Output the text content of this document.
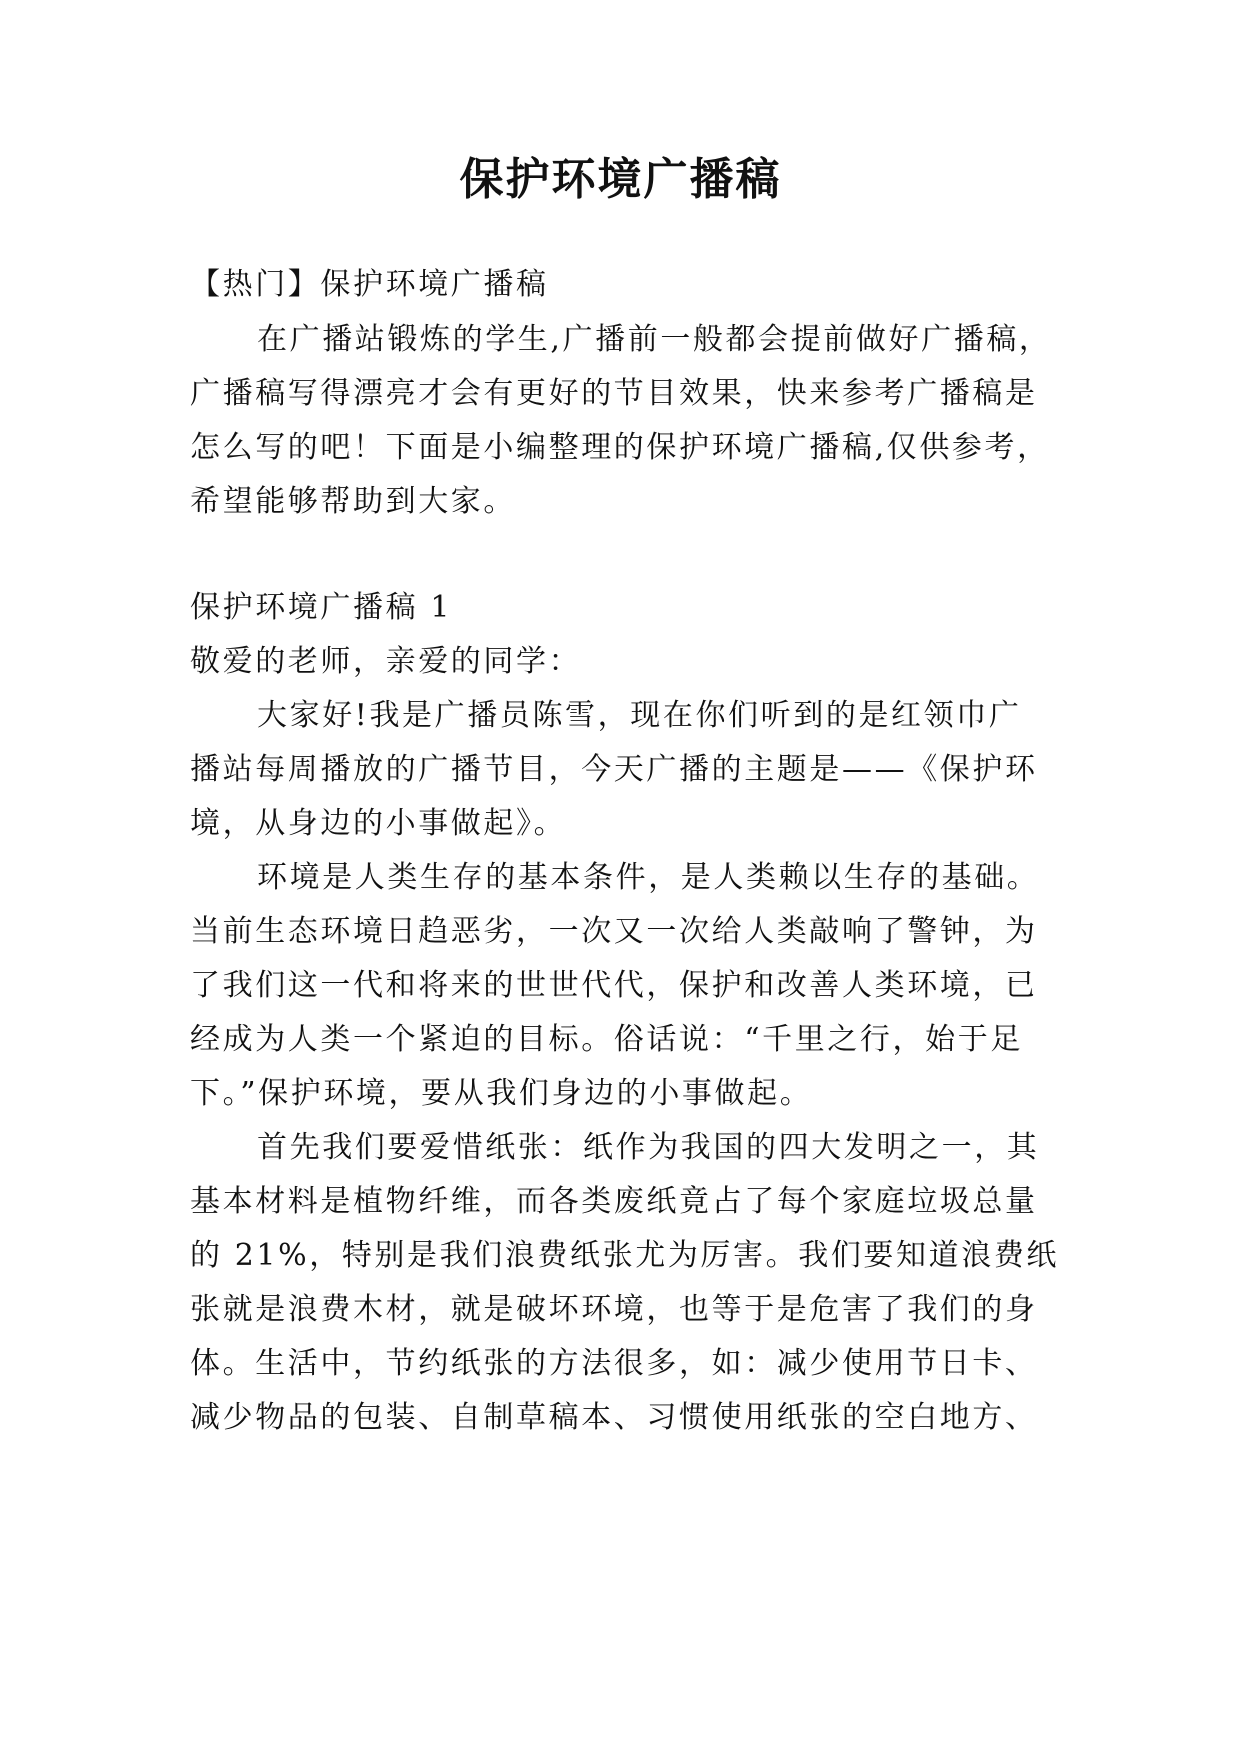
保护环境广播稿

【热门】保护环境广播稿

在广播站锻炼的学生,广播前一般都会提前做好广播稿，

广播稿写得漂亮才会有更好的节目效果，快来参考广播稿是

怎么写的吧！下面是小编整理的保护环境广播稿,仅供参考，

希望能够帮助到大家。

保护环境广播稿 1

敬爱的老师，亲爱的同学：

大家好!我是广播员陈雪，现在你们听到的是红领巾广

播站每周播放的广播节目，今天广播的主题是——《保护环

境，从身边的小事做起》。

环境是人类生存的基本条件，是人类赖以生存的基础。

当前生态环境日趋恶劣，一次又一次给人类敲响了警钟，为

了我们这一代和将来的世世代代，保护和改善人类环境，已

经成为人类一个紧迫的目标。俗话说：“千里之行，始于足

下。”保护环境，要从我们身边的小事做起。

首先我们要爱惜纸张：纸作为我国的四大发明之一，其

基本材料是植物纤维，而各类废纸竟占了每个家庭垃圾总量

的 21%，特别是我们浪费纸张尤为厉害。我们要知道浪费纸

张就是浪费木材，就是破坏环境，也等于是危害了我们的身

体。生活中，节约纸张的方法很多，如：减少使用节日卡、

减少物品的包装、自制草稿本、习惯使用纸张的空白地方、
